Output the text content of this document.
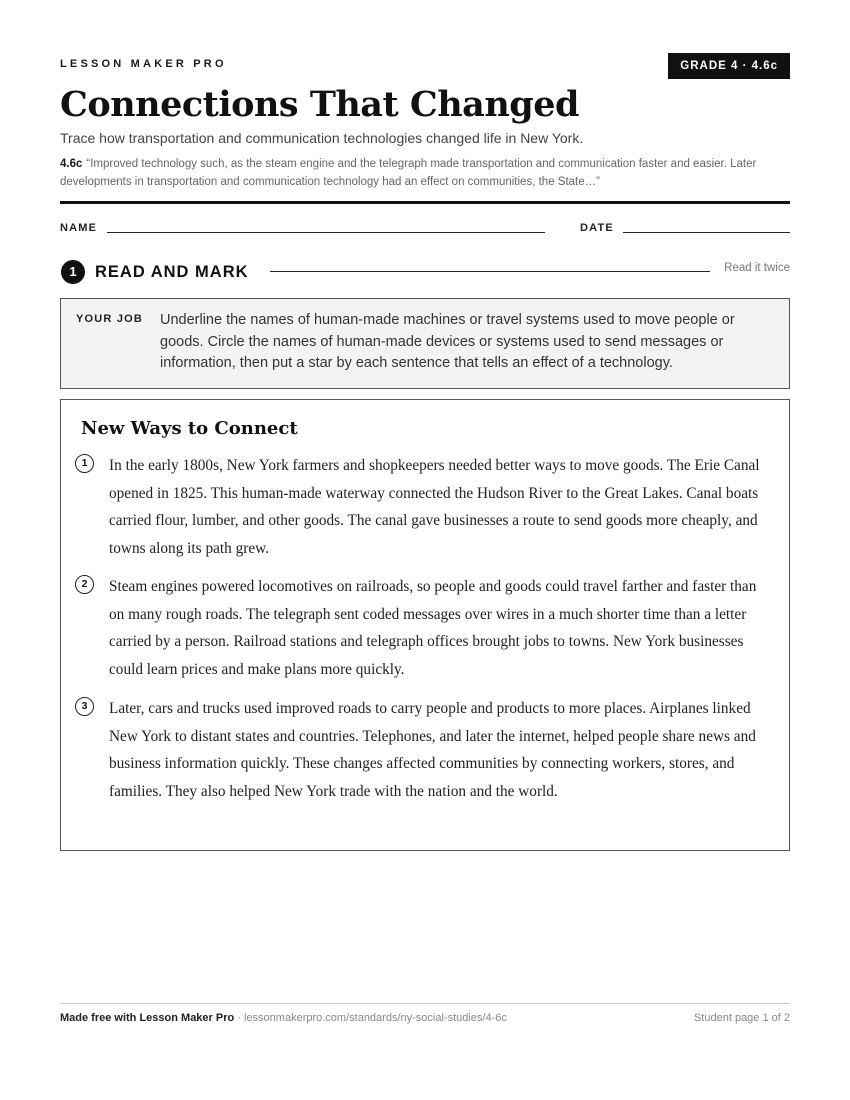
LESSON MAKER PRO	GRADE 4 · 4.6c
Connections That Changed
Trace how transportation and communication technologies changed life in New York.
4.6c “Improved technology such, as the steam engine and the telegraph made transportation and communication faster and easier. Later developments in transportation and communication technology had an effect on communities, the State…”
NAME	DATE
1	READ AND MARK	Read it twice
YOUR JOB Underline the names of human-made machines or travel systems used to move people or goods. Circle the names of human-made devices or systems used to send messages or information, then put a star by each sentence that tells an effect of a technology.
New Ways to Connect
1	In the early 1800s, New York farmers and shopkeepers needed better ways to move goods. The Erie Canal opened in 1825. This human-made waterway connected the Hudson River to the Great Lakes. Canal boats carried flour, lumber, and other goods. The canal gave businesses a route to send goods more cheaply, and towns along its path grew.
2	Steam engines powered locomotives on railroads, so people and goods could travel farther and faster than on many rough roads. The telegraph sent coded messages over wires in a much shorter time than a letter carried by a person. Railroad stations and telegraph offices brought jobs to towns. New York businesses could learn prices and make plans more quickly.
3	Later, cars and trucks used improved roads to carry people and products to more places. Airplanes linked New York to distant states and countries. Telephones, and later the internet, helped people share news and business information quickly. These changes affected communities by connecting workers, stores, and families. They also helped New York trade with the nation and the world.
Made free with Lesson Maker Pro · lessonmakerpro.com/standards/ny-social-studies/4-6c	Student page 1 of 2
